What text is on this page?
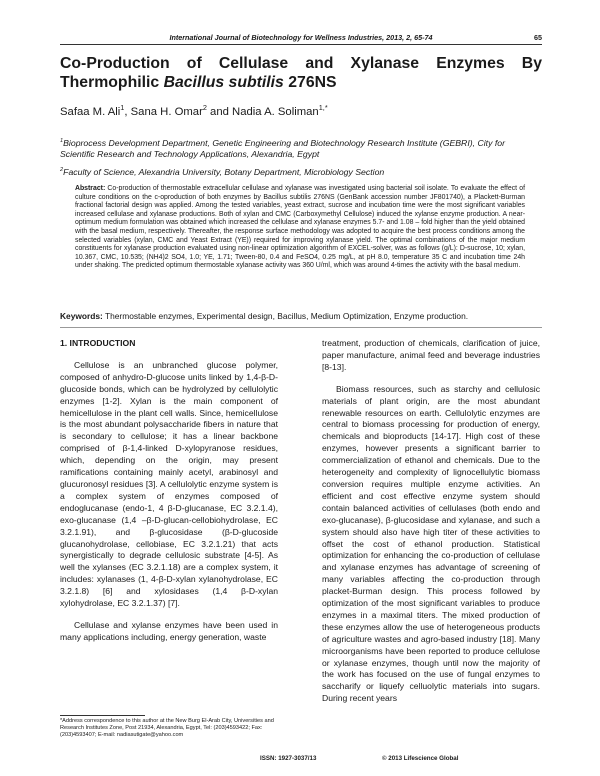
International Journal of Biotechnology for Wellness Industries, 2013, 2, 65-74	65
Co-Production of Cellulase and Xylanase Enzymes By
Thermophilic Bacillus subtilis 276NS
Safaa M. Ali$^1$, Sana H. Omar$^2$ and Nadia A. Soliman$^{1,*}$
$^1$Bioprocess Development Department, Genetic Engineering and Biotechnology Research Institute (GEBRI), City for Scientific Research and Technology Applications, Alexandria, Egypt
$^2$Faculty of Science, Alexandria University, Botany Department, Microbiology Section
Abstract: Co-production of thermostable extracellular cellulase and xylanase was investigated using bacterial soil isolate. To evaluate the effect of culture conditions on the c-oproduction of both enzymes by Bacillus subtilis 276NS (GenBank accession number JF801740), a Plackett-Burman fractional factorial design was applied. Among the tested variables, yeast extract, sucrose and incubation time were the most significant variables increased cellulase and xylanase productions. Both of xylan and CMC (Carboxymethyl Cellulose) induced the xylanse enzyme production. A near-optimum medium formulation was obtained which increased the cellulase and xylanase enzymes 5.7- and 1.08 – fold higher than the yield obtained with the basal medium, respectively. Thereafter, the response surface methodology was adopted to acquire the best process conditions among the selected variables (xylan, CMC and Yeast Extract (YE)) required for improving xylanase yield. The optimal combinations of the major medium constituents for xylanase production evaluated using non-linear optimization algorithm of EXCEL-solver, was as follows (g/L): D-sucrose, 10; xylan, 10.367, CMC, 10.535; (NH4)2 SO4, 1.0; YE, 1.71; Tween-80, 0.4 and FeSO4, 0.25 mg/L, at pH 8.0, temperature 35 C and incubation time 24h under shaking. The predicted optimum thermostable xylanase activity was 360 U/ml, which was around 4-times the activity with the basal medium.
Keywords: Thermostable enzymes, Experimental design, Bacillus, Medium Optimization, Enzyme production.
1. INTRODUCTION

Cellulose is an unbranched glucose polymer, composed of anhydro-D-glucose units linked by 1,4-β-D-glucoside bonds, which can be hydrolyzed by cellulolytic enzymes [1-2]. Xylan is the main component of hemicellulose in the plant cell walls. Since, hemicellulose is the most abundant polysaccharide fibers in nature that is secondary to cellulose; it has a linear backbone comprised of β-1,4-linked D-xylopyranose residues, which, depending on the origin, may present ramifications containing mainly acetyl, arabinosyl and glucuronosyl residues [3]. A cellulolytic enzyme system is a complex system of enzymes composed of endoglucanase (endo-1, 4 β-D-glucanase, EC 3.2.1.4), exo-glucanase (1,4 –β-D-glucan-cellobiohydrolase, EC 3.2.1.91), and β-glucosidase (β-D-glucoside glucanohydrolase, cellobiase, EC 3.2.1.21) that acts synergistically to degrade cellulosic substrate [4-5]. As well the xylanses (EC 3.2.1.18) are a complex system, it includes: xylanases (1, 4-β-D-xylan xylanohydrolase, EC 3.2.1.8) [6] and xylosidases (1,4 β-D-xylan xylohydrolase, EC 3.2.1.37) [7].

Cellulase and xylanse enzymes have been used in many applications including, energy generation, waste

treatment, production of chemicals, clarification of juice, paper manufacture, animal feed and beverage industries [8-13].

Biomass resources, such as starchy and cellulosic materials of plant origin, are the most abundant renewable resources on earth. Cellulolytic enzymes are central to biomass processing for production of energy, chemicals and bioproducts [14-17]. High cost of these enzymes, however presents a significant barrier to commercialization of ethanol and chemicals. Due to the heterogeneity and complexity of lignocellulytic biomass conversion requires multiple enzyme activities. An efficient and cost effective enzyme system should contain balanced activities of cellulases (both endo and exo-glucanase), β-glucosidase and xylanase, and such a system should also have high titer of these activities to offset the cost of ethanol production. Statistical optimization for enhancing the co-production of cellulase and xylanase enzymes has advantage of screening of many variables affecting the co-production through placket-Burman design. This process followed by optimization of the most significant variables to produce enzymes in a maximal titers. The mixed production of these enzymes allow the use of heterogeneous products of agriculture wastes and agro-based industry [18]. Many microorganisms have been reported to produce cellulose or xylanase enzymes, though until now the majority of the work has focused on the use of fungal enzymes to saccharify or liquefy celluolytic materials into sugars. During recent years

*Address correspondence to this author at the New Burg El-Arab City, Universities and Research Institutes Zone, Post 21934, Alexandria, Egypt, Tel: (203)4593422; Fax: (203)4593407; E-mail: nadiasutigate@yahoo.com
ISSN: 1927-3037/13	© 2013 Lifescience Global
